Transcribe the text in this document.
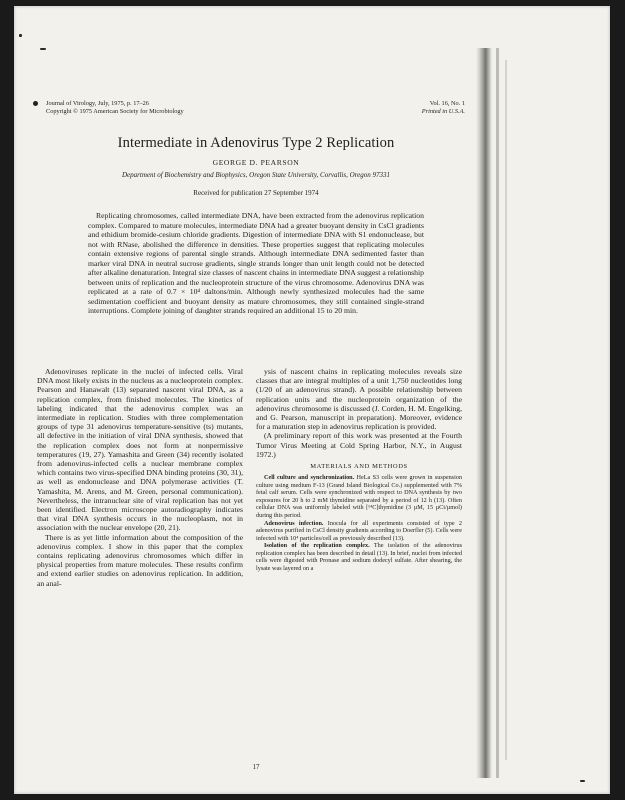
Journal of Virology, July, 1975, p. 17–26
Copyright © 1975 American Society for Microbiology
Vol. 16, No. 1
Printed in U.S.A.
Intermediate in Adenovirus Type 2 Replication
GEORGE D. PEARSON
Department of Biochemistry and Biophysics, Oregon State University, Corvallis, Oregon 97331
Received for publication 27 September 1974

Replicating chromosomes, called intermediate DNA, have been extracted from the adenovirus replication complex. Compared to mature molecules, intermediate DNA had a greater buoyant density in CsCl gradients and ethidium bromide-cesium chloride gradients. Digestion of intermediate DNA with S1 endonuclease, but not with RNase, abolished the difference in densities. These properties suggest that replicating molecules contain extensive regions of parental single strands. Although intermediate DNA sedimented faster than marker viral DNA in neutral sucrose gradients, single strands longer than unit length could not be detected after alkaline denaturation. Integral size classes of nascent chains in intermediate DNA suggest a relationship between units of replication and the nucleoprotein structure of the virus chromosome. Adenovirus DNA was replicated at a rate of 0.7 × 10⁴ daltons/min. Although newly synthesized molecules had the same sedimentation coefficient and buoyant density as mature chromosomes, they still contained single-strand interruptions. Complete joining of daughter strands required an additional 15 to 20 min.

Adenoviruses replicate in the nuclei of infected cells. Viral DNA most likely exists in the nucleus as a nucleoprotein complex. Pearson and Hanawalt (13) separated nascent viral DNA, as a replication complex, from finished molecules. The kinetics of labeling indicated that the adenovirus complex was an intermediate in replication. Studies with three complementation groups of type 31 adenovirus temperature-sensitive (ts) mutants, all defective in the initiation of viral DNA synthesis, showed that the replication complex does not form at nonpermissive temperatures (19, 27). Yamashita and Green (34) recently isolated from adenovirus-infected cells a nuclear membrane complex which contains two virus-specified DNA binding proteins (30, 31), as well as endonuclease and DNA polymerase activities (T. Yamashita, M. Arens, and M. Green, personal communication). Nevertheless, the intranuclear site of viral replication has not yet been identified. Electron microscope autoradiography indicates that viral DNA synthesis occurs in the nucleoplasm, not in association with the nuclear envelope (20, 21).

There is as yet little information about the composition of the adenovirus complex. I show in this paper that the complex contains replicating adenovirus chromosomes which differ in physical properties from mature molecules. These results confirm and extend earlier studies on adenovirus replication. In addition, an anal-

ysis of nascent chains in replicating molecules reveals size classes that are integral multiples of a unit 1,750 nucleotides long (1/20 of an adenovirus strand). A possible relationship between replication units and the nucleoprotein organization of the adenovirus chromosome is discussed (J. Corden, H. M. Engelking, and G. Pearson, manuscript in preparation). Moreover, evidence for a maturation step in adenovirus replication is provided.

(A preliminary report of this work was presented at the Fourth Tumor Virus Meeting at Cold Spring Harbor, N.Y., in August 1972.)

MATERIALS AND METHODS

Cell culture and synchronization. HeLa S3 cells were grown in suspension culture using medium F-13 (Grand Island Biological Co.) supplemented with 7% fetal calf serum. Cells were synchronized with respect to DNA synthesis by two exposures for 20 h to 2 mM thymidine separated by a period of 12 h (13). Often cellular DNA was uniformly labeled with [¹⁴C]thymidine (3 µM, 15 µCi/µmol) during this period.

Adenovirus infection. Inocula for all experiments consisted of type 2 adenovirus purified in CsCl density gradients according to Doerfler (5). Cells were infected with 10⁴ particles/cell as previously described (13).

Isolation of the replication complex. The isolation of the adenovirus replication complex has been described in detail (13). In brief, nuclei from infected cells were digested with Pronase and sodium dodecyl sulfate. After shearing, the lysate was layered on a

17
